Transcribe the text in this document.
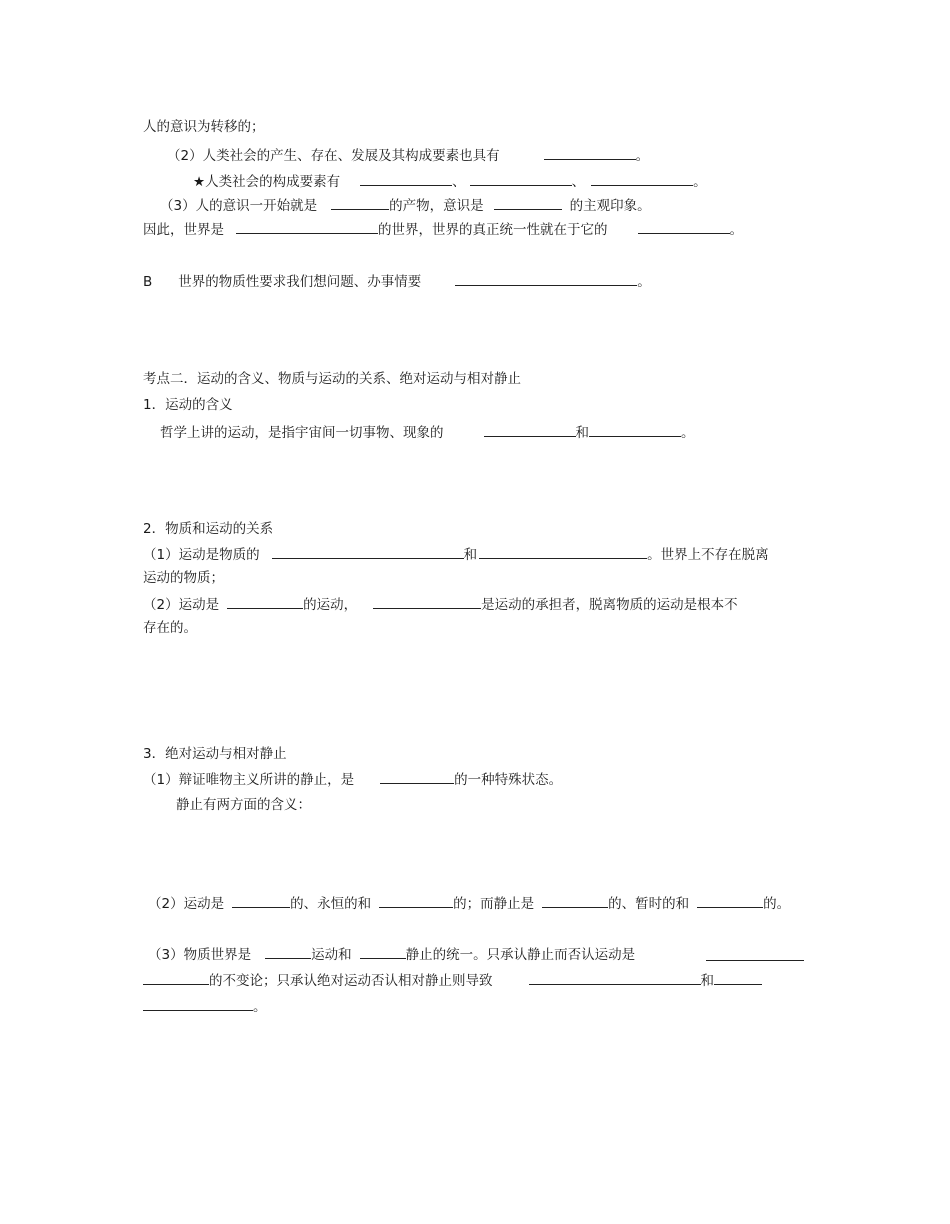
人的意识为转移的；
（2）人类社会的产生、存在、发展及其构成要素也具有	。
★人类社会的构成要素有	、	、	。
（3）人的意识一开始就是	的产物，意识是	的主观印象。
因此，世界是	的世界，世界的真正统一性就在于它的	。
B 世界的物质性要求我们想问题、办事情要	。
考点二．运动的含义、物质与运动的关系、绝对运动与相对静止
1．运动的含义
哲学上讲的运动，是指宇宙间一切事物、现象的	和	。
2．物质和运动的关系
（1）运动是物质的	和	。世界上不存在脱离
运动的物质；
（2）运动是	的运动，	是运动的承担者，脱离物质的运动是根本不
存在的。
3．绝对运动与相对静止
（1）辩证唯物主义所讲的静止，是	的一种特殊状态。
静止有两方面的含义：
（2）运动是	的、永恒的和	的；而静止是	的、暂时的和	的。
（3）物质世界是	运动和	静止的统一。只承认静止而否认运动是
的不变论；只承认绝对运动否认相对静止则导致	和
。
